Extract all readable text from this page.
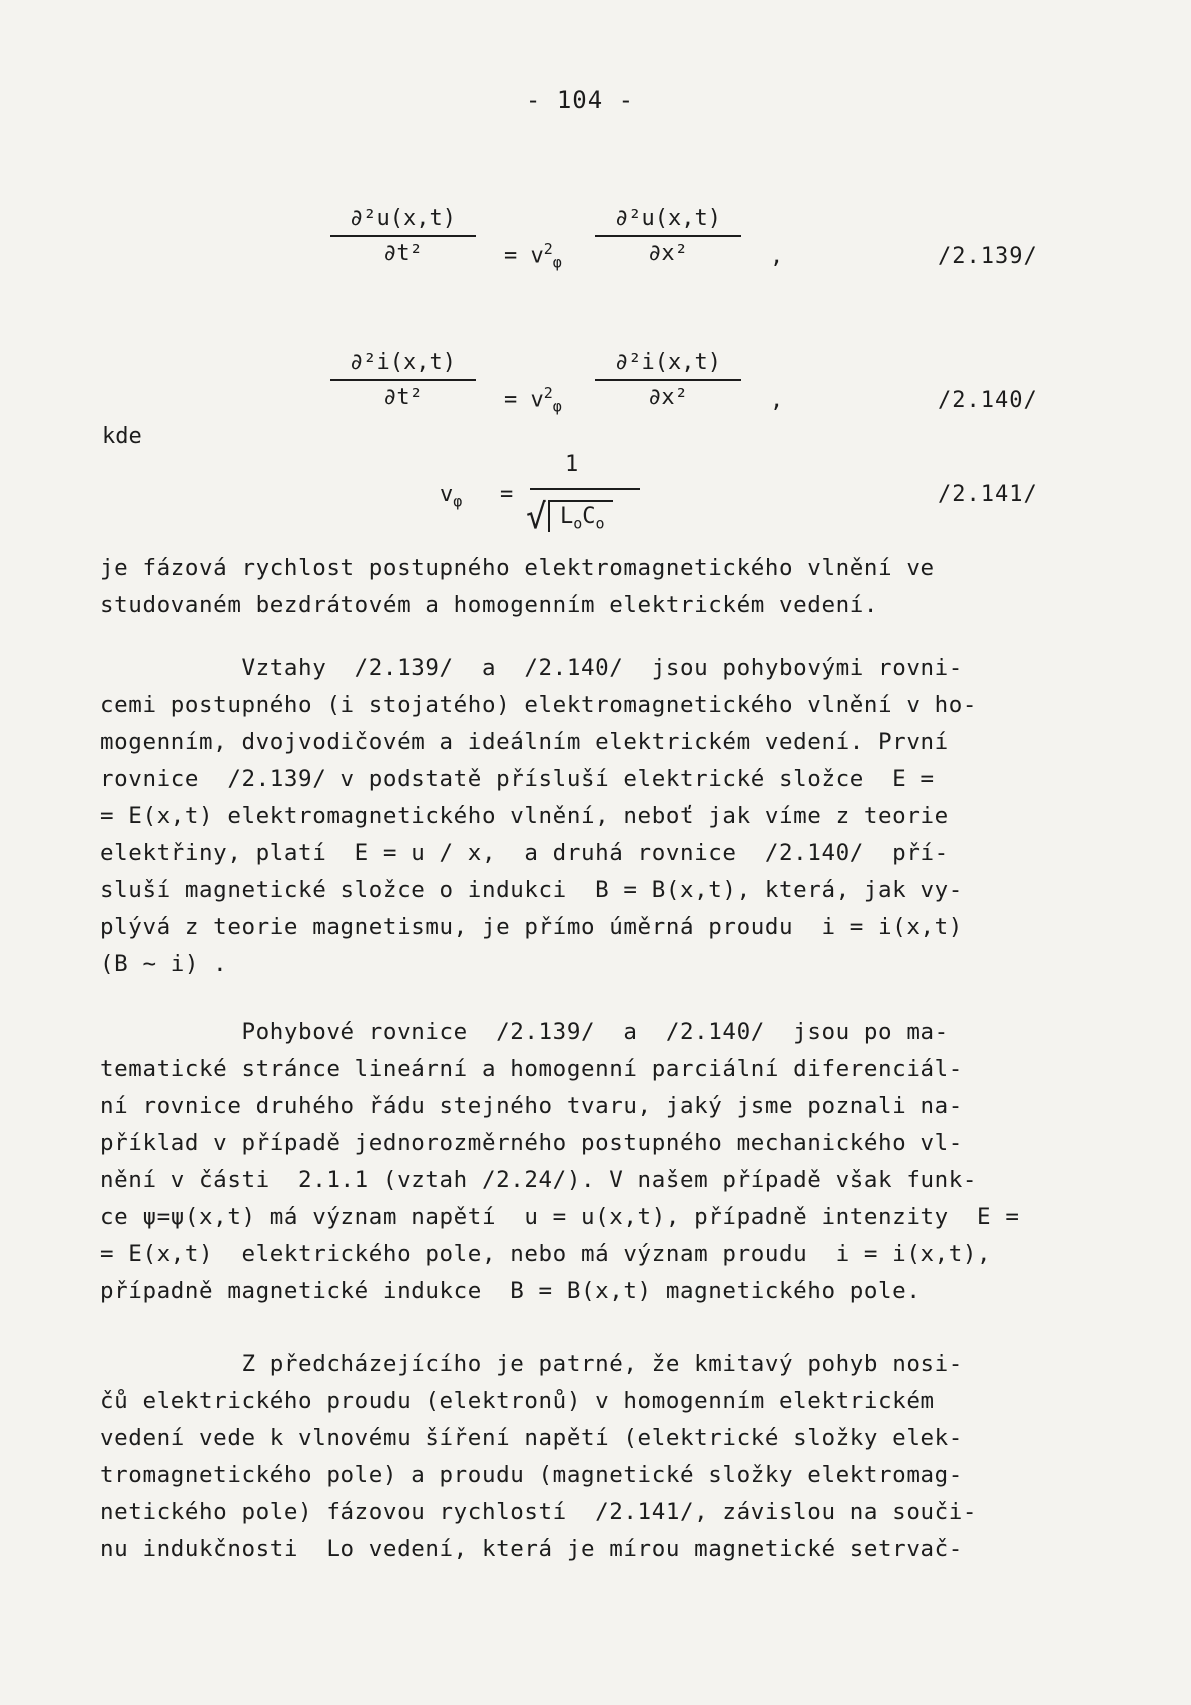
- 104 -
∂²u(x,t)
∂t²	= $v^2_\varphi$
∂²u(x,t)
∂x²	,	/2.139/
∂²i(x,t)
∂t²	= $v^2_\varphi$
∂²i(x,t)
∂x²	,	/2.140/
kde
$v_\varphi$ =
1
√ $L_oC_o$
/2.141/
je fázová rychlost postupného elektromagnetického vlnění ve
studovaném bezdrátovém a homogenním elektrickém vedení.
Vztahy  /2.139/  a  /2.140/  jsou pohybovými rovni-
cemi postupného (i stojatého) elektromagnetického vlnění v ho-
mogenním, dvojvodičovém a ideálním elektrickém vedení. První
rovnice  /2.139/ v podstatě přísluší elektrické složce  E =
= E(x,t) elektromagnetického vlnění, neboť jak víme z teorie
elektřiny, platí  E = u / x,  a druhá rovnice  /2.140/  pří-
sluší magnetické složce o indukci  B = B(x,t), která, jak vy-
plývá z teorie magnetismu, je přímo úměrná proudu  i = i(x,t)
(B ~ i) .
Pohybové rovnice  /2.139/  a  /2.140/  jsou po ma-
tematické stránce lineární a homogenní parciální diferenciál-
ní rovnice druhého řádu stejného tvaru, jaký jsme poznali na-
příklad v případě jednorozměrného postupného mechanického vl-
nění v části  2.1.1 (vztah /2.24/). V našem případě však funk-
ce ψ=ψ(x,t) má význam napětí  u = u(x,t), případně intenzity  E =
= E(x,t)  elektrického pole, nebo má význam proudu  i = i(x,t),
případně magnetické indukce  B = B(x,t) magnetického pole.
Z předcházejícího je patrné, že kmitavý pohyb nosi-
čů elektrického proudu (elektronů) v homogenním elektrickém
vedení vede k vlnovému šíření napětí (elektrické složky elek-
tromagnetického pole) a proudu (magnetické složky elektromag-
netického pole) fázovou rychlostí  /2.141/, závislou na souči-
nu indukčnosti  Lo vedení, která je mírou magnetické setrvač-
